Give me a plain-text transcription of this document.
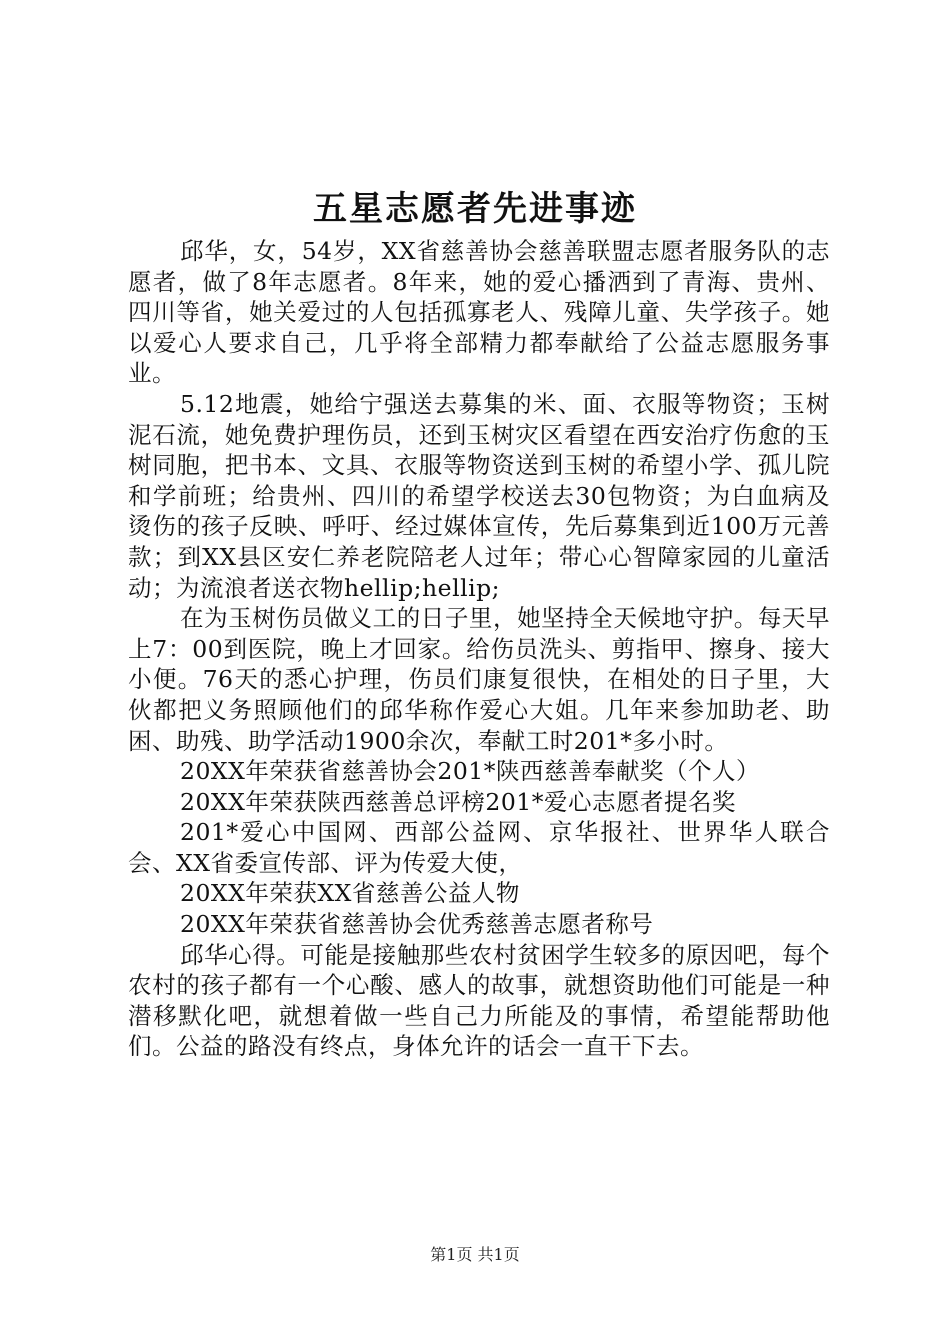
五星志愿者先进事迹

邱华，女，54岁，XX省慈善协会慈善联盟志愿者服务队的志愿者，做了8年志愿者。8年来，她的爱心播洒到了青海、贵州、四川等省，她关爱过的人包括孤寡老人、残障儿童、失学孩子。她以爱心人要求自己，几乎将全部精力都奉献给了公益志愿服务事业。

5.12地震，她给宁强送去募集的米、面、衣服等物资；玉树泥石流，她免费护理伤员，还到玉树灾区看望在西安治疗伤愈的玉树同胞，把书本、文具、衣服等物资送到玉树的希望小学、孤儿院和学前班；给贵州、四川的希望学校送去30包物资；为白血病及烫伤的孩子反映、呼吁、经过媒体宣传，先后募集到近100万元善款；到XX县区安仁养老院陪老人过年；带心心智障家园的儿童活动；为流浪者送衣物hellip;hellip;

在为玉树伤员做义工的日子里，她坚持全天候地守护。每天早上7：00到医院，晚上才回家。给伤员洗头、剪指甲、擦身、接大小便。76天的悉心护理，伤员们康复很快，在相处的日子里，大伙都把义务照顾他们的邱华称作爱心大姐。几年来参加助老、助困、助残、助学活动1900余次，奉献工时201*多小时。

20XX年荣获省慈善协会201*陕西慈善奉献奖（个人）

20XX年荣获陕西慈善总评榜201*爱心志愿者提名奖

201*爱心中国网、西部公益网、京华报社、世界华人联合会、XX省委宣传部、评为传爱大使，

20XX年荣获XX省慈善公益人物

20XX年荣获省慈善协会优秀慈善志愿者称号

邱华心得。可能是接触那些农村贫困学生较多的原因吧，每个农村的孩子都有一个心酸、感人的故事，就想资助他们可能是一种潜移默化吧，就想着做一些自己力所能及的事情，希望能帮助他们。公益的路没有终点，身体允许的话会一直干下去。

第1页 共1页
